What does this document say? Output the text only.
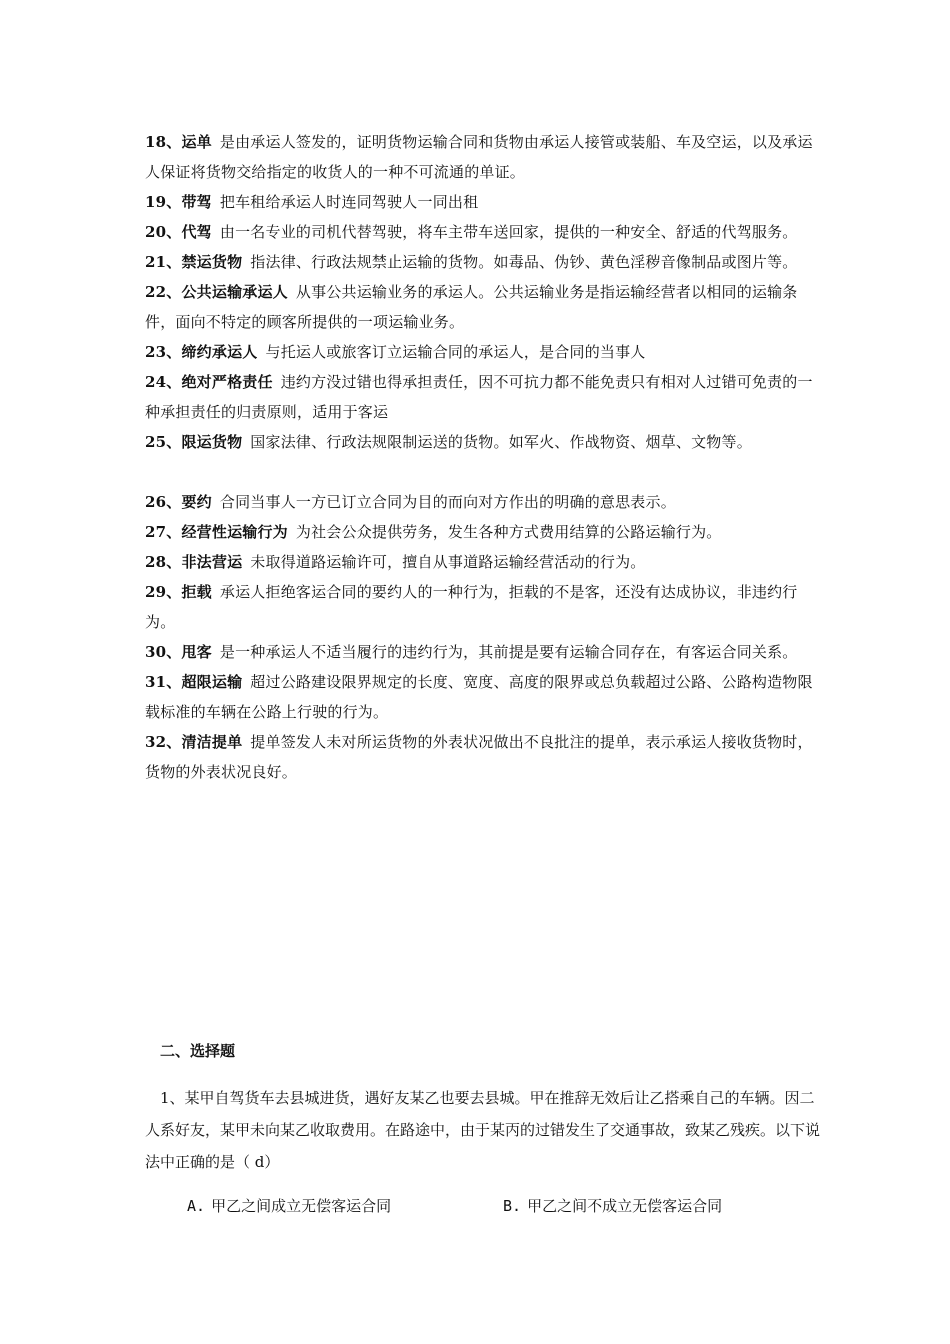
18、运单 是由承运人签发的，证明货物运输合同和货物由承运人接管或装船、车及空运，以及承运人保证将货物交给指定的收货人的一种不可流通的单证。
19、带驾 把车租给承运人时连同驾驶人一同出租
20、代驾 由一名专业的司机代替驾驶，将车主带车送回家，提供的一种安全、舒适的代驾服务。
21、禁运货物 指法律、行政法规禁止运输的货物。如毒品、伪钞、黄色淫秽音像制品或图片等。
22、公共运输承运人 从事公共运输业务的承运人。公共运输业务是指运输经营者以相同的运输条件，面向不特定的顾客所提供的一项运输业务。
23、缔约承运人 与托运人或旅客订立运输合同的承运人，是合同的当事人
24、绝对严格责任 违约方没过错也得承担责任，因不可抗力都不能免责只有相对人过错可免责的一种承担责任的归责原则，适用于客运
25、限运货物 国家法律、行政法规限制运送的货物。如军火、作战物资、烟草、文物等。
26、要约 合同当事人一方已订立合同为目的而向对方作出的明确的意思表示。
27、经营性运输行为 为社会公众提供劳务，发生各种方式费用结算的公路运输行为。
28、非法营运 未取得道路运输许可，擅自从事道路运输经营活动的行为。
29、拒载 承运人拒绝客运合同的要约人的一种行为，拒载的不是客，还没有达成协议，非违约行为。
30、甩客 是一种承运人不适当履行的违约行为，其前提是要有运输合同存在，有客运合同关系。
31、超限运输 超过公路建设限界规定的长度、宽度、高度的限界或总负载超过公路、公路构造物限载标准的车辆在公路上行驶的行为。
32、清洁提单 提单签发人未对所运货物的外表状况做出不良批注的提单，表示承运人接收货物时，货物的外表状况良好。
二、选择题
1、某甲自驾货车去县城进货，遇好友某乙也要去县城。甲在推辞无效后让乙搭乘自己的车辆。因二人系好友，某甲未向某乙收取费用。在路途中，由于某丙的过错发生了交通事故，致某乙残疾。以下说法中正确的是（ d）
A. 甲乙之间成立无偿客运合同	B. 甲乙之间不成立无偿客运合同
